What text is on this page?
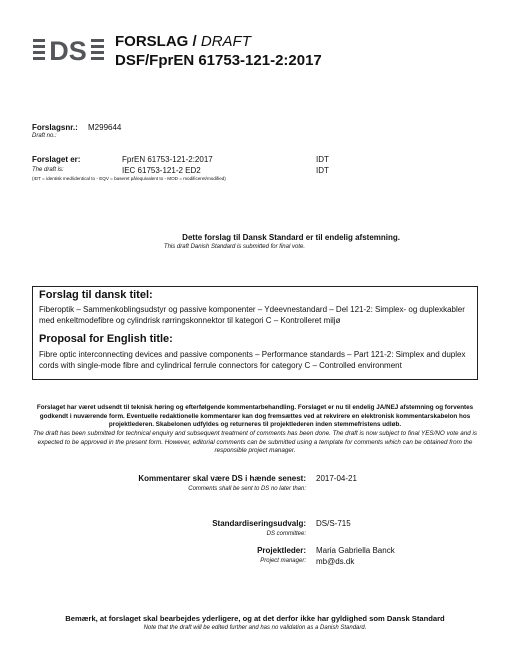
DS FORSLAG / DRAFT
DSF/FprEN 61753-121-2:2017
Forslagsnr.: M299644
Draft no.:
Forslaget er:	FprEN 61753-121-2:2017	IDT
The draft is:	IEC 61753-121-2 ED2	IDT
(IDT = identisk med/identical to - EQV = baseret på/equivalent to - MOD = modificeret/modified)
Dette forslag til Dansk Standard er til endelig afstemning.
This draft Danish Standard is submitted for final vote.
Forslag til dansk titel:
Fiberoptik – Sammenkoblingsudstyr og passive komponenter – Ydeevnestandard – Del 121-2: Simplex- og duplexkabler med enkeltmodefibre og cylindrisk rørringskonnektor til kategori C – Kontrolleret miljø
Proposal for English title:
Fibre optic interconnecting devices and passive components – Performance standards – Part 121-2: Simplex and duplex cords with single-mode fibre and cylindrical ferrule connectors for category C – Controlled environment
Forslaget har været udsendt til teknisk høring og efterfølgende kommentarbehandling. Forslaget er nu til endelig JA/NEJ afstemning og forventes godkendt i nuværende form. Eventuelle redaktionelle kommentarer kan dog fremsættes ved at rekvirere en elektronisk kommentarskabelon hos projektlederen. Skabelonen udfyldes og returneres til projektlederen inden stemmefristens udløb.
The draft has been submitted for technical enquiry and subsequent treatment of comments has been done. The draft is now subject to final YES/NO vote and is expected to be approved in the present form. However, editorial comments can be submitted using a template for comments which can be obtained from the responsible project manager.
Kommentarer skal være DS i hænde senest:
Comments shall be sent to DS no later than:
2017-04-21
Standardiseringsudvalg:
DS committee:
DS/S-715
Projektleder:
Project manager:
Maria Gabriella Banck
mb@ds.dk
Bemærk, at forslaget skal bearbejdes yderligere, og at det derfor ikke har gyldighed som Dansk Standard
Note that the draft will be edited further and has no validation as a Danish Standard.
